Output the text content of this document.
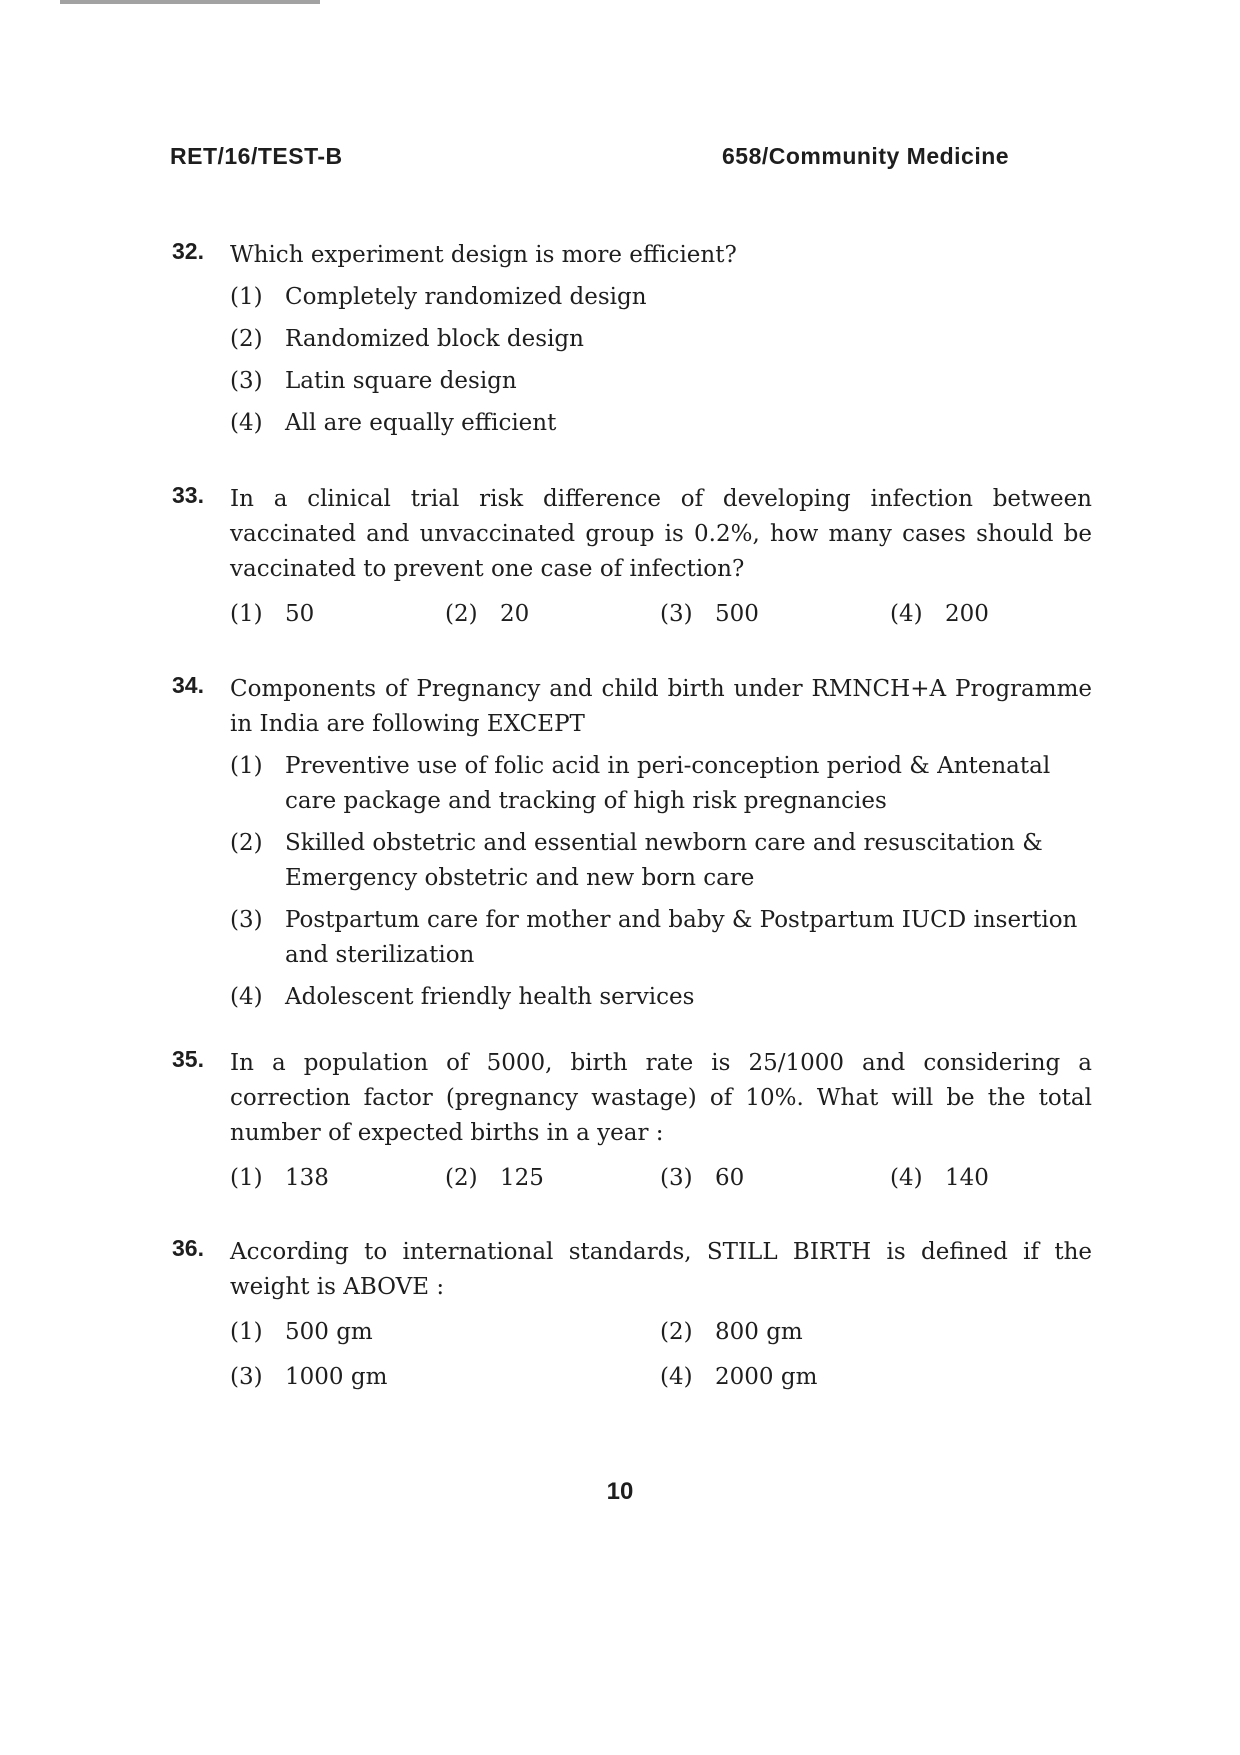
RET/16/TEST-B	658/Community Medicine
32. Which experiment design is more efficient?
(1) Completely randomized design
(2) Randomized block design
(3) Latin square design
(4) All are equally efficient
33. In a clinical trial risk difference of developing infection between vaccinated and unvaccinated group is 0.2%, how many cases should be vaccinated to prevent one case of infection?
(1) 50	(2) 20	(3) 500	(4) 200
34. Components of Pregnancy and child birth under RMNCH+A Programme in India are following EXCEPT
(1) Preventive use of folic acid in peri-conception period & Antenatal care package and tracking of high risk pregnancies
(2) Skilled obstetric and essential newborn care and resuscitation & Emergency obstetric and new born care
(3) Postpartum care for mother and baby & Postpartum IUCD insertion and sterilization
(4) Adolescent friendly health services
35. In a population of 5000, birth rate is 25/1000 and considering a correction factor (pregnancy wastage) of 10%. What will be the total number of expected births in a year :
(1) 138	(2) 125	(3) 60	(4) 140
36. According to international standards, STILL BIRTH is defined if the weight is ABOVE :
(1) 500 gm	(2) 800 gm
(3) 1000 gm	(4) 2000 gm
10
